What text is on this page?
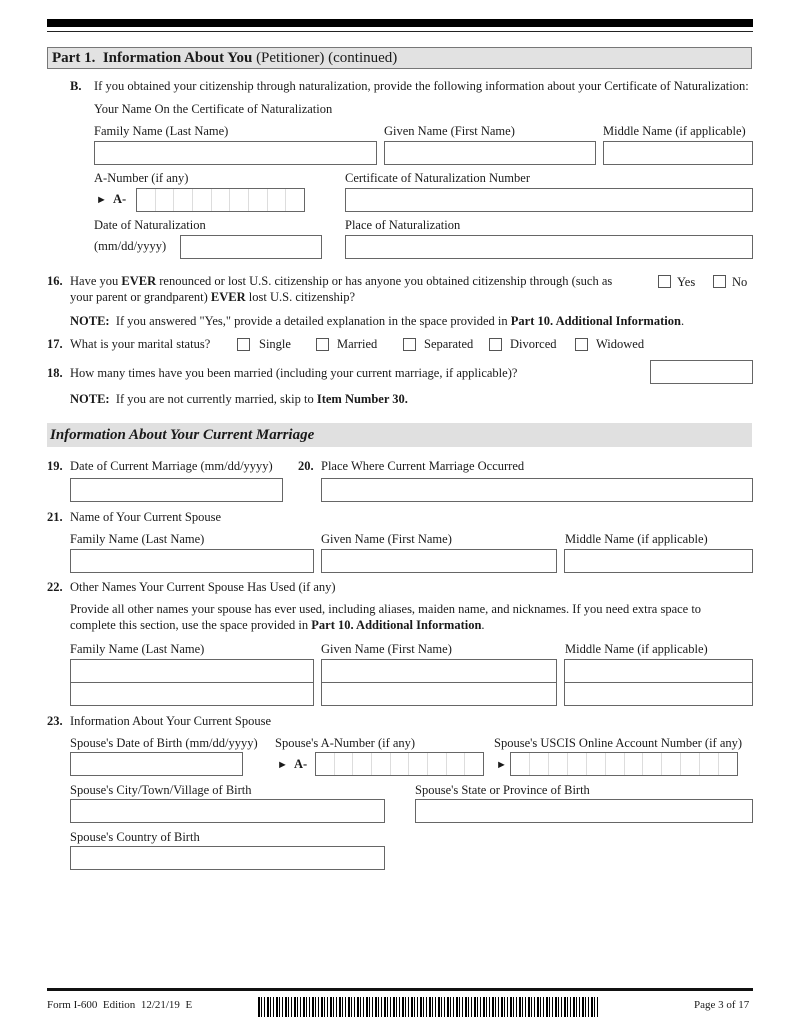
Part 1. Information About You (Petitioner) (continued)
B. If you obtained your citizenship through naturalization, provide the following information about your Certificate of Naturalization:
Your Name On the Certificate of Naturalization
Family Name (Last Name)	Given Name (First Name)	Middle Name (if applicable)
A-Number (if any)
► A-
Certificate of Naturalization Number
Date of Naturalization
(mm/dd/yyyy)
Place of Naturalization
16. Have you EVER renounced or lost U.S. citizenship or has anyone you obtained citizenship through (such as
your parent or grandparent) EVER lost U.S. citizenship?
Yes	No
NOTE: If you answered "Yes," provide a detailed explanation in the space provided in Part 10. Additional Information.
17. What is your marital status?	Single	Married	Separated	Divorced	Widowed
18. How many times have you been married (including your current marriage, if applicable)?
NOTE: If you are not currently married, skip to Item Number 30.
Information About Your Current Marriage
19. Date of Current Marriage (mm/dd/yyyy) 20. Place Where Current Marriage Occurred
21. Name of Your Current Spouse
Family Name (Last Name)	Given Name (First Name)	Middle Name (if applicable)
22. Other Names Your Current Spouse Has Used (if any)
Provide all other names your spouse has ever used, including aliases, maiden name, and nicknames. If you need extra space to
complete this section, use the space provided in Part 10. Additional Information.
Family Name (Last Name)	Given Name (First Name)	Middle Name (if applicable)
23. Information About Your Current Spouse
Spouse's Date of Birth (mm/dd/yyyy) Spouse's A-Number (if any)
► A-
Spouse's USCIS Online Account Number (if any)
►
Spouse's City/Town/Village of Birth	Spouse's State or Province of Birth
Spouse's Country of Birth
Form I-600 Edition 12/21/19 E	Page 3 of 17
